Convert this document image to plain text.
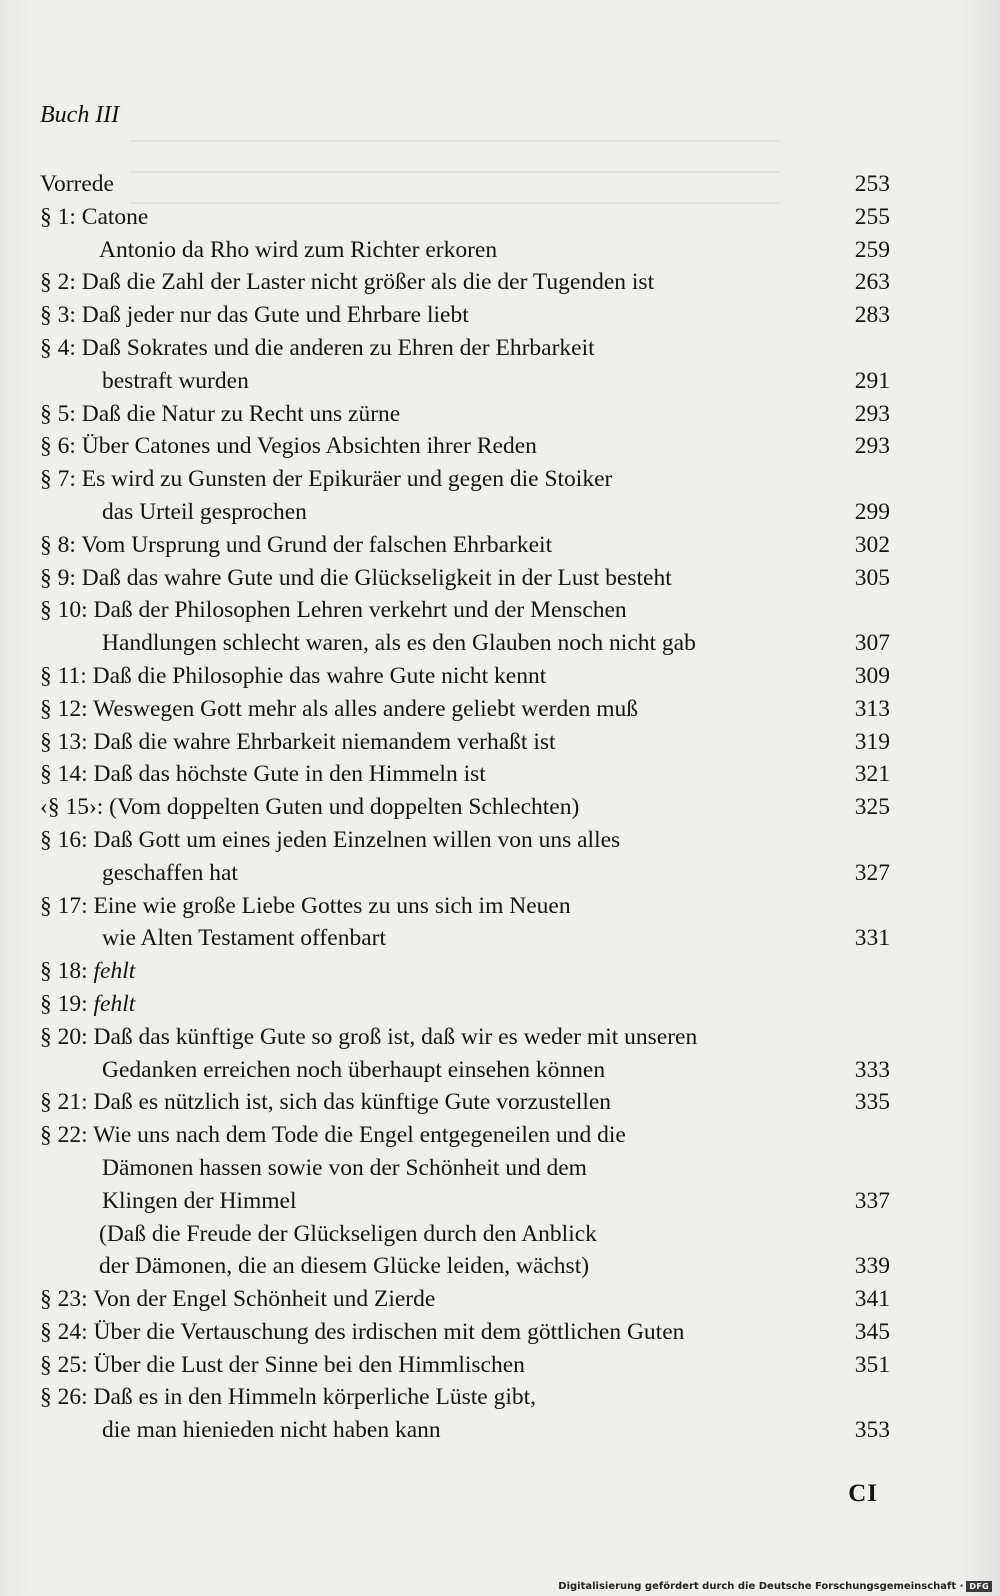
Buch III
Vorrede	253
§ 1: Catone	255
Antonio da Rho wird zum Richter erkoren	259
§ 2: Daß die Zahl der Laster nicht größer als die der Tugenden ist	263
§ 3: Daß jeder nur das Gute und Ehrbare liebt	283
§ 4: Daß Sokrates und die anderen zu Ehren der Ehrbarkeit
bestraft wurden	291
§ 5: Daß die Natur zu Recht uns zürne	293
§ 6: Über Catones und Vegios Absichten ihrer Reden	293
§ 7: Es wird zu Gunsten der Epikuräer und gegen die Stoiker
das Urteil gesprochen	299
§ 8: Vom Ursprung und Grund der falschen Ehrbarkeit	302
§ 9: Daß das wahre Gute und die Glückseligkeit in der Lust besteht	305
§ 10: Daß der Philosophen Lehren verkehrt und der Menschen
Handlungen schlecht waren, als es den Glauben noch nicht gab	307
§ 11: Daß die Philosophie das wahre Gute nicht kennt	309
§ 12: Weswegen Gott mehr als alles andere geliebt werden muß	313
§ 13: Daß die wahre Ehrbarkeit niemandem verhaßt ist	319
§ 14: Daß das höchste Gute in den Himmeln ist	321
‹§ 15›: (Vom doppelten Guten und doppelten Schlechten)	325
§ 16: Daß Gott um eines jeden Einzelnen willen von uns alles
geschaffen hat	327
§ 17: Eine wie große Liebe Gottes zu uns sich im Neuen
wie Alten Testament offenbart	331
§ 18: fehlt
§ 19: fehlt
§ 20: Daß das künftige Gute so groß ist, daß wir es weder mit unseren
Gedanken erreichen noch überhaupt einsehen können	333
§ 21: Daß es nützlich ist, sich das künftige Gute vorzustellen	335
§ 22: Wie uns nach dem Tode die Engel entgegeneilen und die
Dämonen hassen sowie von der Schönheit und dem
Klingen der Himmel	337
(Daß die Freude der Glückseligen durch den Anblick
der Dämonen, die an diesem Glücke leiden, wächst)	339
§ 23: Von der Engel Schönheit und Zierde	341
§ 24: Über die Vertauschung des irdischen mit dem göttlichen Guten	345
§ 25: Über die Lust der Sinne bei den Himmlischen	351
§ 26: Daß es in den Himmeln körperliche Lüste gibt,
die man hienieden nicht haben kann	353
CI
Digitalisierung gefördert durch die Deutsche Forschungsgemeinschaft · DFG
